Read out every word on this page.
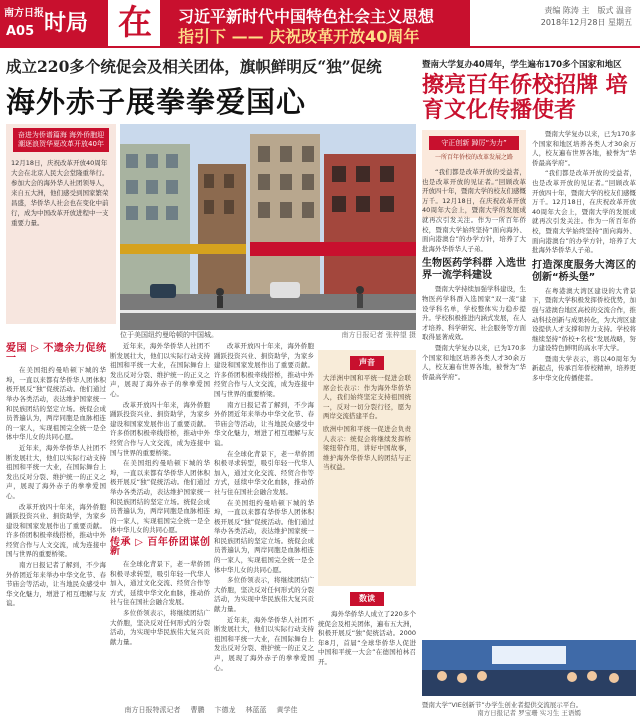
南方日报 时局
A05 在 习近平新时代中国特色社会主义思想
指引下 —— 庆祝改革开放40周年
责编 陈涛 主　版式 温音
2018年12月28日 星期五
成立220多个统促会及相关团体，旗帜鲜明反“独”促统
海外赤子展拳拳爱国心
奋进为侨谱篇海 海外侨胞迎潮逐浪贺华夏改革开放40年
12月18日，庆祝改革开放40周年大会在北京人民大会堂隆重举行。参加大会的海外华人社团领导人，来自五大洲，他们感受到国家繁荣昌盛，华侨华人社会也在变化中前行，成为中国改革开放进程中一支重要力量。
位于美国纽约曼哈顿的中国城。	南方日报记者 张梓望 摄
爱国 ▷ 不遗余力促统一

在美国纽约曼哈顿下城的华埠，一直以来都有华侨华人团体积极开展反“独”促统活动。他们通过举办各类活动，表达维护国家统一和民族团结的坚定立场。统促会成员普遍认为，两岸同胞是血脉相连的一家人，实现祖国完全统一是全体中华儿女的共同心愿。

近年来，海外华侨华人社团不断发展壮大，他们以实际行动支持祖国和平统一大业，在国际舞台上发出反对分裂、维护统一的正义之声，展现了海外赤子的拳拳爱国心。

改革开放四十年来，海外侨胞踊跃投资兴业、捐资助学，为家乡建设和国家发展作出了重要贡献。许多侨团积极牵线搭桥，推动中外经贸合作与人文交流，成为连接中国与世界的重要桥梁。

南方日报记者了解到，不少海外侨团近年来举办中华文化节、春节庙会等活动，让当地民众感受中华文化魅力，增进了相互理解与友谊。

近年来，海外华侨华人社团不断发展壮大，他们以实际行动支持祖国和平统一大业，在国际舞台上发出反对分裂、维护统一的正义之声，展现了海外赤子的拳拳爱国心。

改革开放四十年来，海外侨胞踊跃投资兴业、捐资助学，为家乡建设和国家发展作出了重要贡献。许多侨团积极牵线搭桥，推动中外经贸合作与人文交流，成为连接中国与世界的重要桥梁。

在美国纽约曼哈顿下城的华埠，一直以来都有华侨华人团体积极开展反“独”促统活动。他们通过举办各类活动，表达维护国家统一和民族团结的坚定立场。统促会成员普遍认为，两岸同胞是血脉相连的一家人，实现祖国完全统一是全体中华儿女的共同心愿。

传承 ▷ 百年侨团谋创新

在全球化背景下，老一辈侨团积极寻求转型，吸引年轻一代华人加入，通过文化交流、经贸合作等方式，延续中华文化血脉，推动侨社与住在国社会融合发展。

多位侨领表示，将继续团结广大侨胞，坚决反对任何形式的分裂活动，为实现中华民族伟大复兴贡献力量。

改革开放四十年来，海外侨胞踊跃投资兴业、捐资助学，为家乡建设和国家发展作出了重要贡献。许多侨团积极牵线搭桥，推动中外经贸合作与人文交流，成为连接中国与世界的重要桥梁。

南方日报记者了解到，不少海外侨团近年来举办中华文化节、春节庙会等活动，让当地民众感受中华文化魅力，增进了相互理解与友谊。

在全球化背景下，老一辈侨团积极寻求转型，吸引年轻一代华人加入，通过文化交流、经贸合作等方式，延续中华文化血脉，推动侨社与住在国社会融合发展。

在美国纽约曼哈顿下城的华埠，一直以来都有华侨华人团体积极开展反“独”促统活动。他们通过举办各类活动，表达维护国家统一和民族团结的坚定立场。统促会成员普遍认为，两岸同胞是血脉相连的一家人，实现祖国完全统一是全体中华儿女的共同心愿。

多位侨领表示，将继续团结广大侨胞，坚决反对任何形式的分裂活动，为实现中华民族伟大复兴贡献力量。

近年来，海外华侨华人社团不断发展壮大，他们以实际行动支持祖国和平统一大业，在国际舞台上发出反对分裂、维护统一的正义之声，展现了海外赤子的拳拳爱国心。

声音

大洋洲中国和平统一促进会联席会长表示：作为海外华侨华人，我们始终坚定支持祖国统一，反对一切分裂行径，愿为两岸交流搭建平台。

欧洲中国和平统一促进会负责人表示：统促会将继续发挥桥梁纽带作用，讲好中国故事，维护海外华侨华人的团结与正当权益。

数读

海外华侨华人成立了220多个统促会及相关团体，遍布五大洲，积极开展反“独”促统活动。2000年8月，首届“全球华侨华人促进中国和平统一大会”在德国柏林召开。

南方日报特派记者 曹鹏 卞德龙 林蓝蓝 黄学佳
暨南大学复办40周年，学生遍布170多个国家和地区
擦亮百年侨校招牌 培育文化传播使者
守正创新 踔厉“为力”
一所百年侨校的改革发展之路

“我们都是改革开放的受益者，也是改革开放的见证者。”回顾改革开放四十年，暨南大学的校友们感慨万千。12月18日，在庆祝改革开放40周年大会上，暨南大学的发展成就再次引发关注。作为一所百年侨校，暨南大学始终坚持“面向海外、面向港澳台”的办学方针，培养了大批海外华侨华人子弟。

生物医药学科群 入选世界一流学科建设

暨南大学持续加强学科建设，生物医药学科群入选国家“双一流”建设学科名单，学校整体实力稳步提升。学校积极推进内涵式发展，在人才培养、科学研究、社会服务等方面取得显著成效。

暨南大学复办以来，已为170多个国家和地区培养各类人才30余万人，校友遍布世界各地，被誉为“华侨最高学府”。

暨南大学复办以来，已为170多个国家和地区培养各类人才30余万人，校友遍布世界各地，被誉为“华侨最高学府”。

“我们都是改革开放的受益者，也是改革开放的见证者。”回顾改革开放四十年，暨南大学的校友们感慨万千。12月18日，在庆祝改革开放40周年大会上，暨南大学的发展成就再次引发关注。作为一所百年侨校，暨南大学始终坚持“面向海外、面向港澳台”的办学方针，培养了大批海外华侨华人子弟。

打造深度服务大湾区的创新“桥头堡”

在粤港澳大湾区建设的大背景下，暨南大学积极发挥侨校优势，加强与港澳台地区高校的交流合作，推动科技创新与成果转化，为大湾区建设提供人才支撑和智力支持。学校将继续坚持“侨校+名校”发展战略，努力建设特色鲜明的高水平大学。

暨南大学表示，将以40周年为新起点，传承百年侨校精神，培养更多中华文化传播使者。

暨南大学“VIE创新节”办学生创业者提供交流展示平台。
南方日报记者 罗宝珊 实习生 王语嫣
